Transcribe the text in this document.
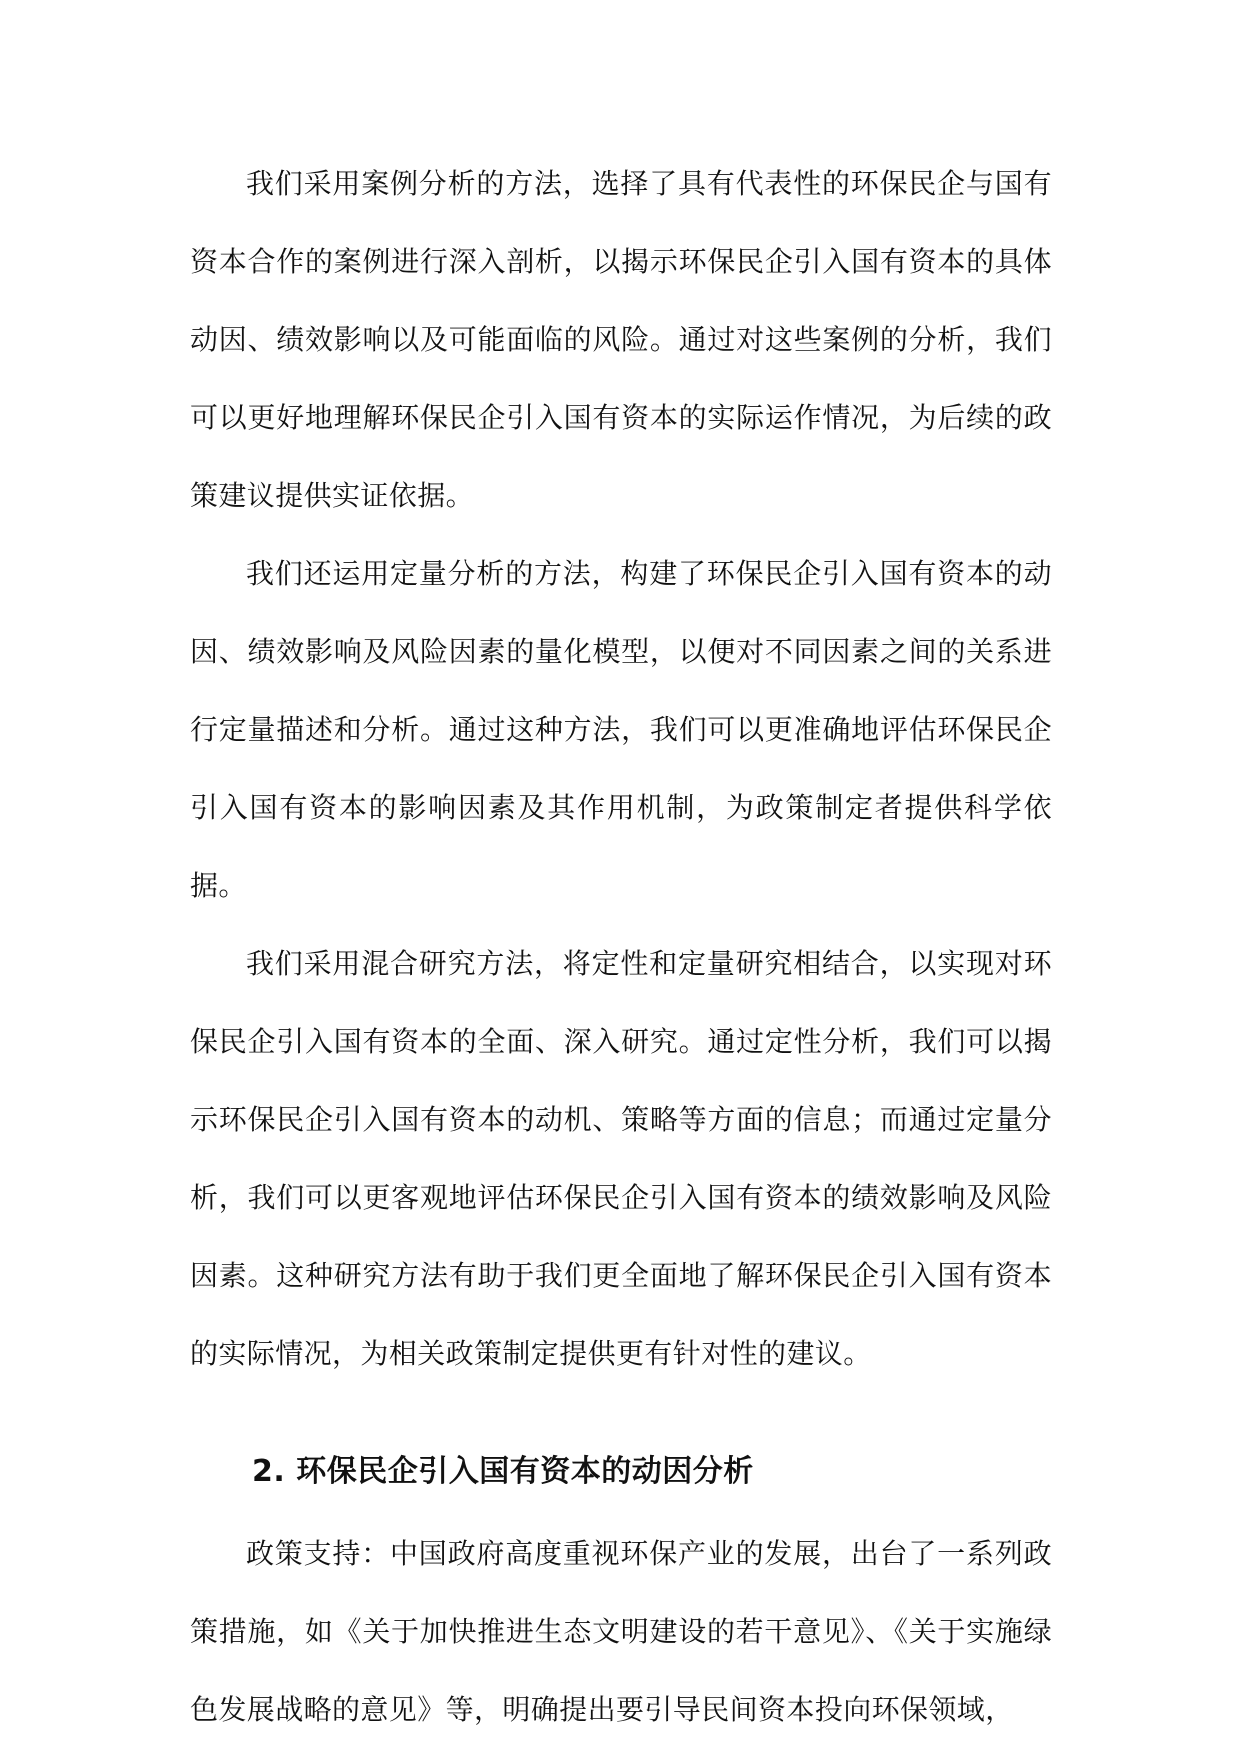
我们采用案例分析的方法，选择了具有代表性的环保民企与国有资本合作的案例进行深入剖析，以揭示环保民企引入国有资本的具体动因、绩效影响以及可能面临的风险。通过对这些案例的分析，我们可以更好地理解环保民企引入国有资本的实际运作情况，为后续的政策建议提供实证依据。

我们还运用定量分析的方法，构建了环保民企引入国有资本的动因、绩效影响及风险因素的量化模型，以便对不同因素之间的关系进行定量描述和分析。通过这种方法，我们可以更准确地评估环保民企引入国有资本的影响因素及其作用机制，为政策制定者提供科学依据。

我们采用混合研究方法，将定性和定量研究相结合，以实现对环保民企引入国有资本的全面、深入研究。通过定性分析，我们可以揭示环保民企引入国有资本的动机、策略等方面的信息；而通过定量分析，我们可以更客观地评估环保民企引入国有资本的绩效影响及风险因素。这种研究方法有助于我们更全面地了解环保民企引入国有资本的实际情况，为相关政策制定提供更有针对性的建议。

2. 环保民企引入国有资本的动因分析

政策支持：中国政府高度重视环保产业的发展，出台了一系列政策措施，如《关于加快推进生态文明建设的若干意见》、《关于实施绿色发展战略的意见》等，明确提出要引导民间资本投向环保领域，
